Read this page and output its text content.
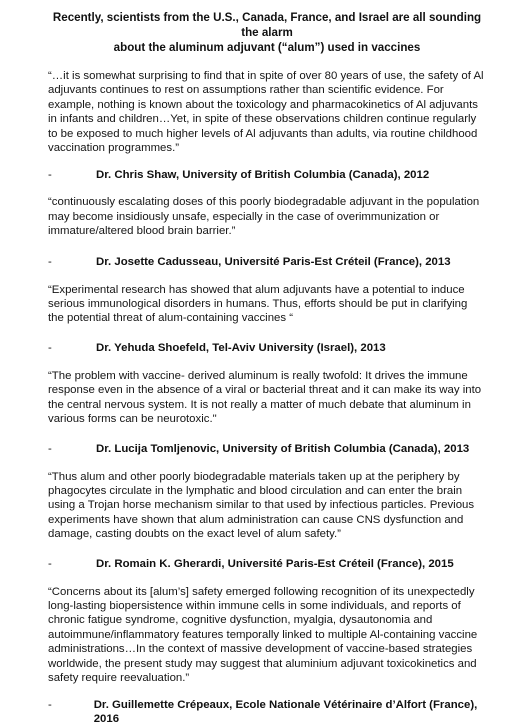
Recently, scientists from the U.S., Canada, France, and Israel are all sounding the alarm
about the aluminum adjuvant (“alum”) used in vaccines

“…it is somewhat surprising to find that in spite of over 80 years of use, the safety of Al adjuvants continues to rest on assumptions rather than scientific evidence. For example, nothing is known about the toxicology and pharmacokinetics of Al adjuvants in infants and children…Yet, in spite of these observations children continue regularly to be exposed to much higher levels of Al adjuvants than adults, via routine childhood vaccination programmes.”

-	Dr. Chris Shaw, University of British Columbia (Canada), 2012

“continuously escalating doses of this poorly biodegradable adjuvant in the population may become insidiously unsafe, especially in the case of overimmunization or immature/altered blood brain barrier.”

-	Dr. Josette Cadusseau, Université Paris-Est Créteil (France), 2013

“Experimental research has showed that alum adjuvants have a potential to induce serious immunological disorders in humans. Thus, efforts should be put in clarifying the potential threat of alum-containing vaccines “

-	Dr. Yehuda Shoefeld, Tel-Aviv University (Israel), 2013

“The problem with vaccine- derived aluminum is really twofold: It drives the immune response even in the absence of a viral or bacterial threat and it can make its way into the central nervous system. It is not really a matter of much debate that aluminum in various forms can be neurotoxic."

-	Dr. Lucija Tomljenovic, University of British Columbia (Canada), 2013

“Thus alum and other poorly biodegradable materials taken up at the periphery by phagocytes circulate in the lymphatic and blood circulation and can enter the brain using a Trojan horse mechanism similar to that used by infectious particles. Previous experiments have shown that alum administration can cause CNS dysfunction and damage, casting doubts on the exact level of alum safety.”

-	Dr. Romain K. Gherardi, Université Paris-Est Créteil (France), 2015

“Concerns about its [alum’s] safety emerged following recognition of its unexpectedly long-lasting biopersistence within immune cells in some individuals, and reports of chronic fatigue syndrome, cognitive dysfunction, myalgia, dysautonomia and autoimmune/inflammatory features temporally linked to multiple Al-containing vaccine administrations…In the context of massive development of vaccine-based strategies worldwide, the present study may suggest that aluminium adjuvant toxicokinetics and safety require reevaluation.”

-	Dr. Guillemette Crépeaux, Ecole Nationale Vétérinaire d’Alfort (France), 2016
